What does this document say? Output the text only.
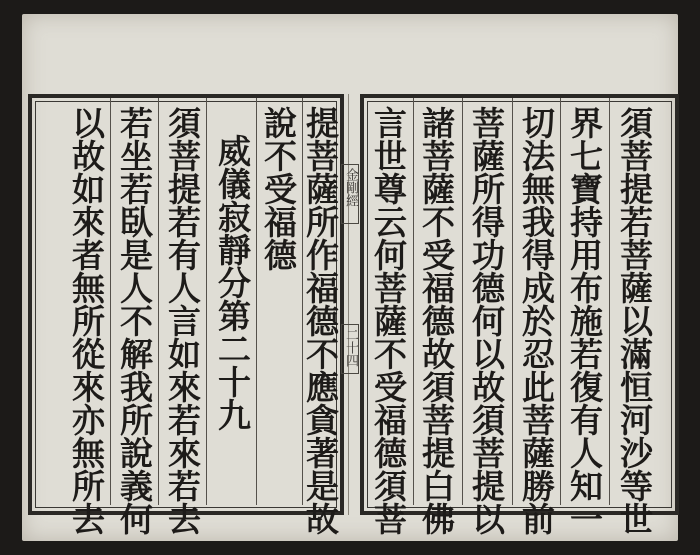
金剛經
二十四
以故如來者無所從來亦無所去 若坐若臥是人不解我所說義何 須菩提若有人言如來若來若去 威儀寂靜分第二十九 說不受福德 提菩薩所作福德不應貪著是故 言世尊云何菩薩不受福德須菩 諸菩薩不受福德故須菩提白佛 菩薩所得功德何以故須菩提以 切法無我得成於忍此菩薩勝前 界七寶持用布施若復有人知一 須菩提若菩薩以滿恒河沙等世
